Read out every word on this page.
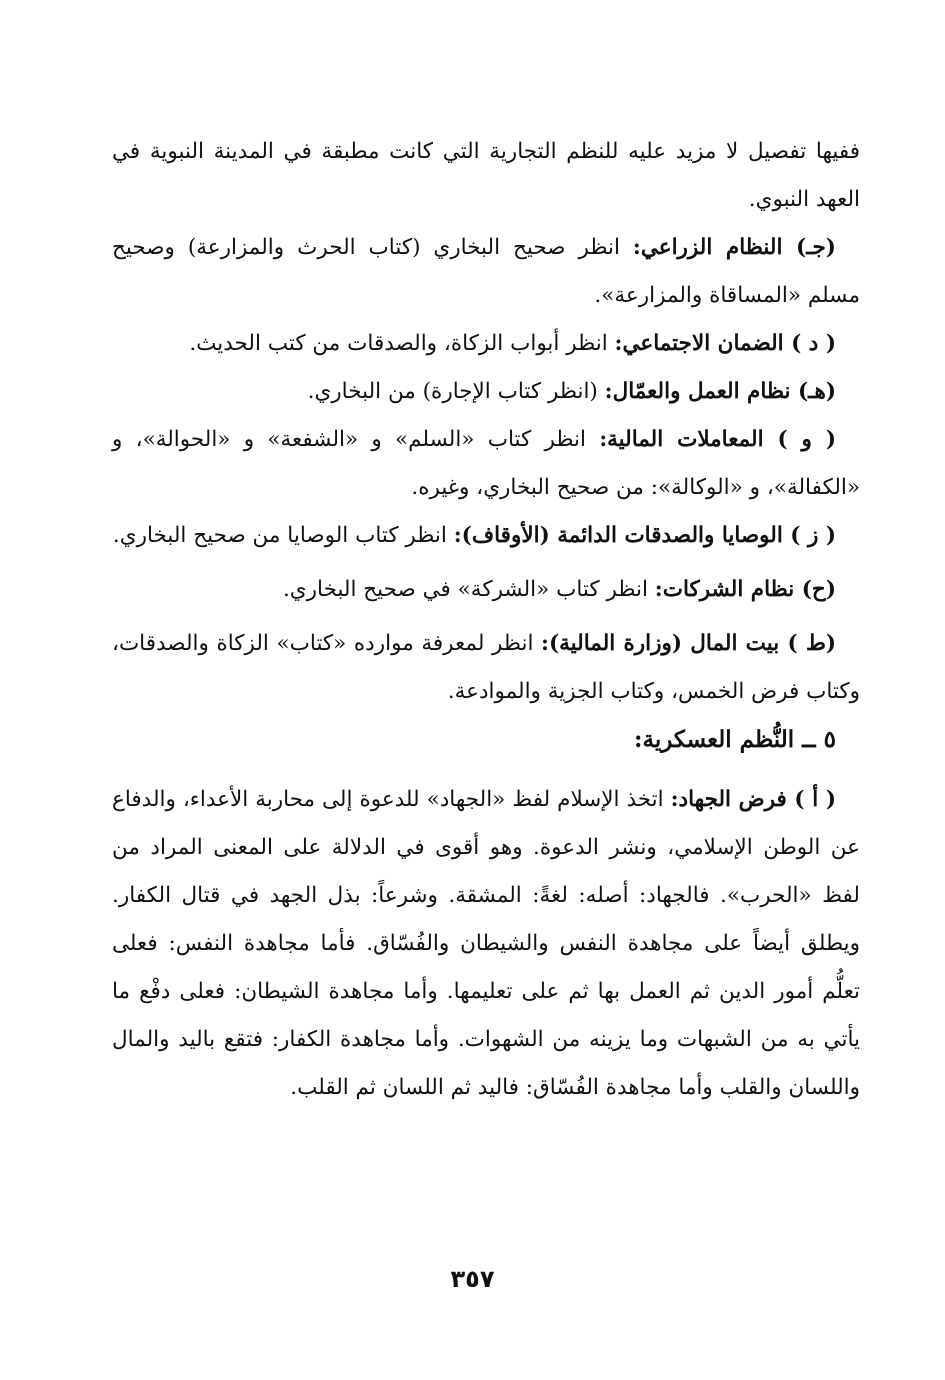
ففيها تفصيل لا مزيد عليه للنظم التجارية التي كانت مطبقة في المدينة النبوية في العهد النبوي.

(جـ) النظام الزراعي: انظر صحيح البخاري (كتاب الحرث والمزارعة) وصحيح مسلم «المساقاة والمزارعة».

( د ) الضمان الاجتماعي: انظر أبواب الزكاة، والصدقات من كتب الحديث.

(هـ) نظام العمل والعمّال: (انظر كتاب الإجارة) من البخاري.

( و ) المعاملات المالية: انظر كتاب «السلم» و «الشفعة» و «الحوالة»، و «الكفالة»، و «الوكالة»: من صحيح البخاري، وغيره.

( ز ) الوصايا والصدقات الدائمة (الأوقاف): انظر كتاب الوصايا من صحيح البخاري.

(ح) نظام الشركات: انظر كتاب «الشركة» في صحيح البخاري.

(ط ) بيت المال (وزارة المالية): انظر لمعرفة موارده «كتاب» الزكاة والصدقات، وكتاب فرض الخمس، وكتاب الجزية والموادعة.

٥ ــ النُّظم العسكرية:

( أ ) فرض الجهاد: اتخذ الإسلام لفظ «الجهاد» للدعوة إلى محاربة الأعداء، والدفاع عن الوطن الإسلامي، ونشر الدعوة. وهو أقوى في الدلالة على المعنى المراد من لفظ «الحرب». فالجهاد: أصله: لغةً: المشقة. وشرعاً: بذل الجهد في قتال الكفار. ويطلق أيضاً على مجاهدة النفس والشيطان والفُسّاق. فأما مجاهدة النفس: فعلى تعلُّم أمور الدين ثم العمل بها ثم على تعليمها. وأما مجاهدة الشيطان: فعلى دفْع ما يأتي به من الشبهات وما يزينه من الشهوات. وأما مجاهدة الكفار: فتقع باليد والمال واللسان والقلب وأما مجاهدة الفُسّاق: فاليد ثم اللسان ثم القلب.

٣٥٧
